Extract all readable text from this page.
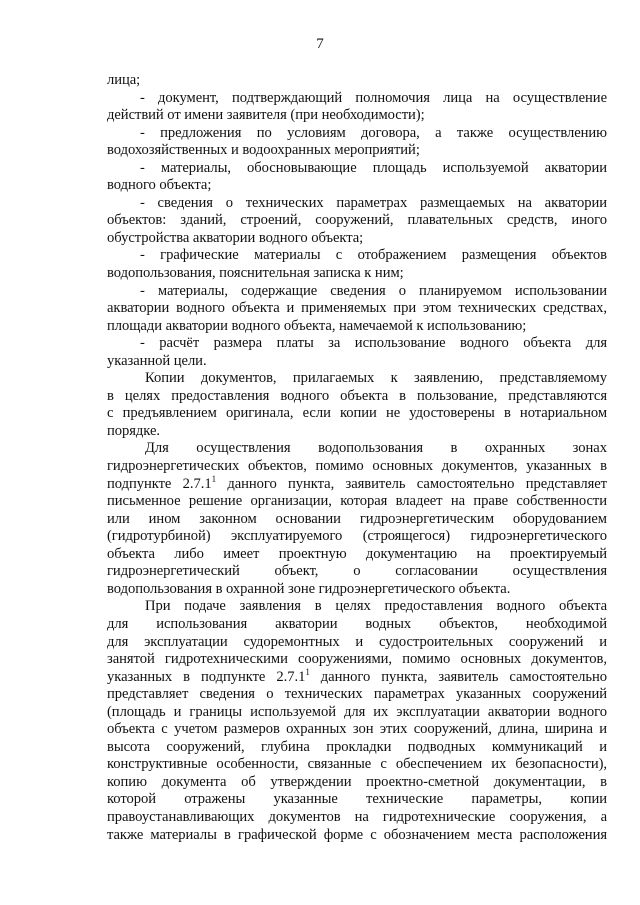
7
лица;
- документ, подтверждающий полномочия лица на осуществление
действий от имени заявителя (при необходимости);
- предложения по условиям договора, а также осуществлению
водохозяйственных и водоохранных мероприятий;
- материалы, обосновывающие площадь используемой акватории
водного объекта;
- сведения о технических параметрах размещаемых на акватории
объектов: зданий, строений, сооружений, плавательных средств, иного
обустройства акватории водного объекта;
- графические материалы с отображением размещения объектов
водопользования, пояснительная записка к ним;
- материалы, содержащие сведения о планируемом использовании
акватории водного объекта и применяемых при этом технических средствах,
площади акватории водного объекта, намечаемой к использованию;
- расчёт размера платы за использование водного объекта для
указанной цели.
Копии документов, прилагаемых к заявлению, представляемому
в целях предоставления водного объекта в пользование, представляются
с предъявлением оригинала, если копии не удостоверены в нотариальном
порядке.
Для осуществления водопользования в охранных зонах
гидроэнергетических объектов, помимо основных документов, указанных в
подпункте 2.7.1$^1$ данного пункта, заявитель самостоятельно представляет
письменное решение организации, которая владеет на праве собственности
или ином законном основании гидроэнергетическим оборудованием
(гидротурбиной) эксплуатируемого (строящегося) гидроэнергетического
объекта либо имеет проектную документацию на проектируемый
гидроэнергетический объект, о согласовании осуществления
водопользования в охранной зоне гидроэнергетического объекта.
При подаче заявления в целях предоставления водного объекта
для использования акватории водных объектов, необходимой
для эксплуатации судоремонтных и судостроительных сооружений и
занятой гидротехническими сооружениями, помимо основных документов,
указанных в подпункте 2.7.1$^1$ данного пункта, заявитель самостоятельно
представляет сведения о технических параметрах указанных сооружений
(площадь и границы используемой для их эксплуатации акватории водного
объекта с учетом размеров охранных зон этих сооружений, длина, ширина и
высота сооружений, глубина прокладки подводных коммуникаций и
конструктивные особенности, связанные с обеспечением их безопасности),
копию документа об утверждении проектно-сметной документации, в
которой отражены указанные технические параметры, копии
правоустанавливающих документов на гидротехнические сооружения, а
также материалы в графической форме с обозначением места расположения
